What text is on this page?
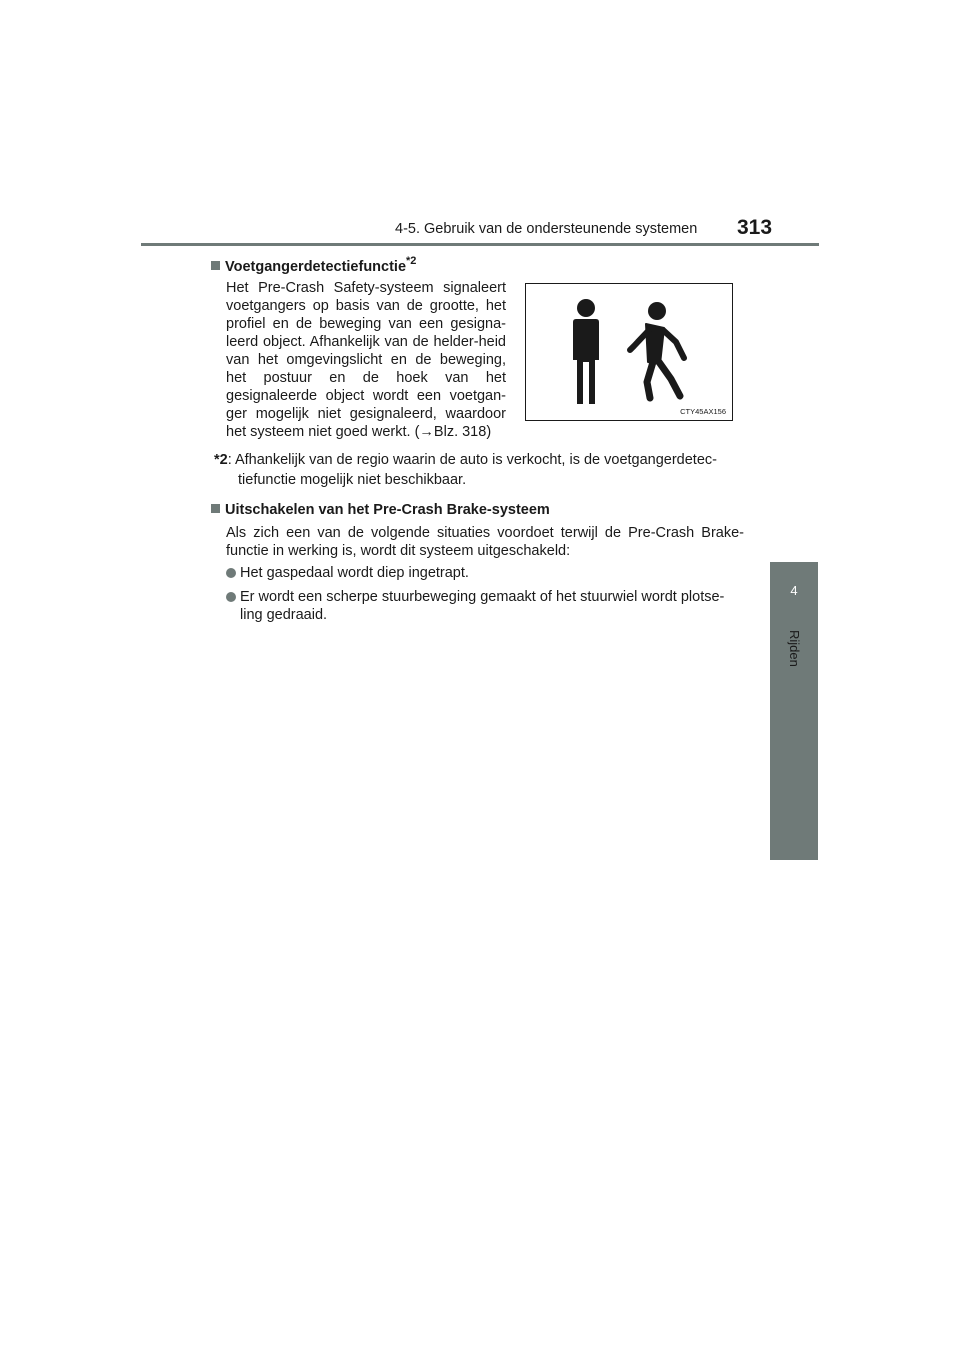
4-5. Gebruik van de ondersteunende systemen 313
4
Rijden
Voetgangerdetectiefunctie$^{*2}$

Het Pre-Crash Safety-systeem signaleert voetgangers op basis van de grootte, het profiel en de beweging van een gesigna-leerd object. Afhankelijk van de helder-heid van het omgevingslicht en de beweging, het postuur en de hoek van het gesignaleerde object wordt een voetgan-ger mogelijk niet gesignaleerd, waardoor het systeem niet goed werkt. (→Blz. 318)

CTY45AX156
*2: Afhankelijk van de regio waarin de auto is verkocht, is de voetgangerdetec-
tiefunctie mogelijk niet beschikbaar.
Uitschakelen van het Pre-Crash Brake-systeem

Als zich een van de volgende situaties voordoet terwijl de Pre-Crash Brake-functie in werking is, wordt dit systeem uitgeschakeld:

Het gaspedaal wordt diep ingetrapt.
Er wordt een scherpe stuurbeweging gemaakt of het stuurwiel wordt plotse-
ling gedraaid.
